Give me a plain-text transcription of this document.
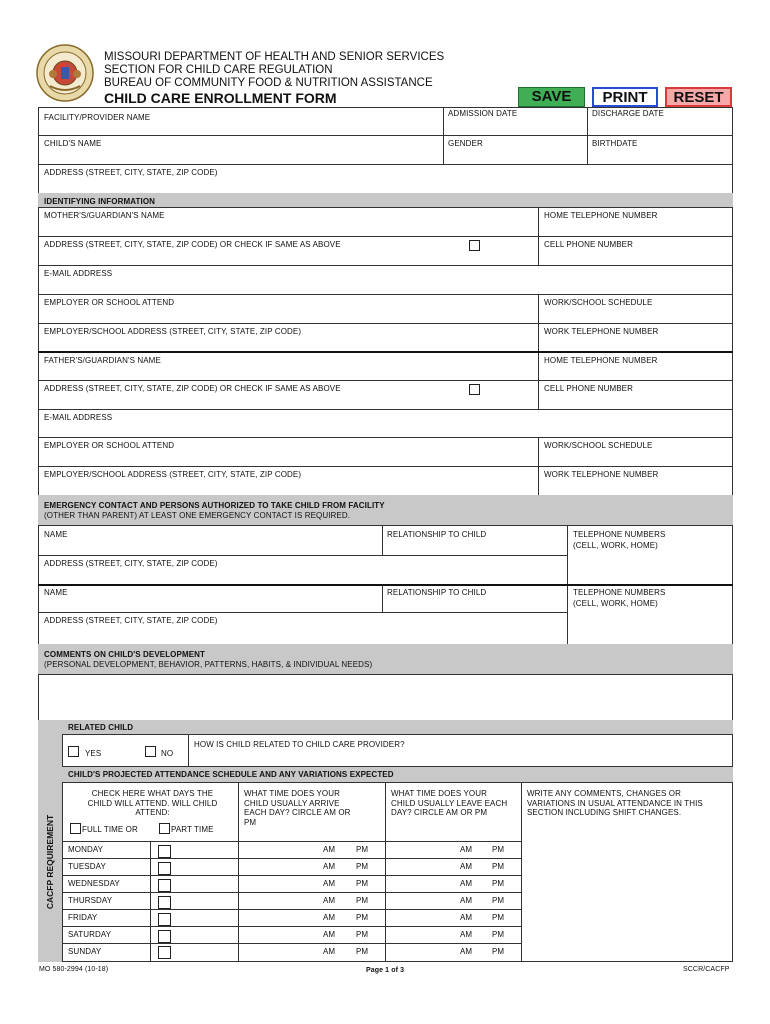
MISSOURI DEPARTMENT OF HEALTH AND SENIOR SERVICES
SECTION FOR CHILD CARE REGULATION
BUREAU OF COMMUNITY FOOD & NUTRITION ASSISTANCE
CHILD CARE ENROLLMENT FORM	SAVE	PRINT	RESET
FACILITY/PROVIDER NAME	ADMISSION DATE	DISCHARGE DATE
CHILD'S NAME	GENDER	BIRTHDATE
ADDRESS (STREET, CITY, STATE, ZIP CODE)
IDENTIFYING INFORMATION
MOTHER'S/GUARDIAN'S NAME	HOME TELEPHONE NUMBER
ADDRESS (STREET, CITY, STATE, ZIP CODE) OR CHECK IF SAME AS ABOVE	CELL PHONE NUMBER
E-MAIL ADDRESS
EMPLOYER OR SCHOOL ATTEND	WORK/SCHOOL SCHEDULE
EMPLOYER/SCHOOL ADDRESS (STREET, CITY, STATE, ZIP CODE)	WORK TELEPHONE NUMBER
FATHER'S/GUARDIAN'S NAME	HOME TELEPHONE NUMBER
ADDRESS (STREET, CITY, STATE, ZIP CODE) OR CHECK IF SAME AS ABOVE	CELL PHONE NUMBER
E-MAIL ADDRESS
EMPLOYER OR SCHOOL ATTEND	WORK/SCHOOL SCHEDULE
EMPLOYER/SCHOOL ADDRESS (STREET, CITY, STATE, ZIP CODE)	WORK TELEPHONE NUMBER
EMERGENCY CONTACT AND PERSONS AUTHORIZED TO TAKE CHILD FROM FACILITY
(OTHER THAN PARENT) AT LEAST ONE EMERGENCY CONTACT IS REQUIRED.
NAME	RELATIONSHIP TO CHILD	TELEPHONE NUMBERS
(CELL, WORK, HOME)
ADDRESS (STREET, CITY, STATE, ZIP CODE)
NAME	RELATIONSHIP TO CHILD	TELEPHONE NUMBERS
(CELL, WORK, HOME)
ADDRESS (STREET, CITY, STATE, ZIP CODE)
COMMENTS ON CHILD'S DEVELOPMENT
(PERSONAL DEVELOPMENT, BEHAVIOR, PATTERNS, HABITS, & INDIVIDUAL NEEDS)
CACFP REQUIREMENT
RELATED CHILD
YES	NO
HOW IS CHILD RELATED TO CHILD CARE PROVIDER?
CHILD'S PROJECTED ATTENDANCE SCHEDULE AND ANY VARIATIONS EXPECTED
CHECK HERE WHAT DAYS THE CHILD WILL ATTEND. WILL CHILD ATTEND:
FULL TIME OR	PART TIME
WHAT TIME DOES YOUR CHILD USUALLY ARRIVE EACH DAY? CIRCLE AM OR PM
WHAT TIME DOES YOUR CHILD USUALLY LEAVE EACH DAY? CIRCLE AM OR PM
WRITE ANY COMMENTS, CHANGES OR VARIATIONS IN USUAL ATTENDANCE IN THIS SECTION INCLUDING SHIFT CHANGES.
MONDAY	AM	PM	AM PM
TUESDAY	AM	PM	AM PM
WEDNESDAY	AM	PM	AM PM
THURSDAY	AM	PM	AM PM
FRIDAY	AM	PM	AM PM
SATURDAY	AM	PM	AM PM
SUNDAY	AM	PM	AM PM
MO 580-2994 (10-18)	Page 1 of 3	SCCR/CACFP
